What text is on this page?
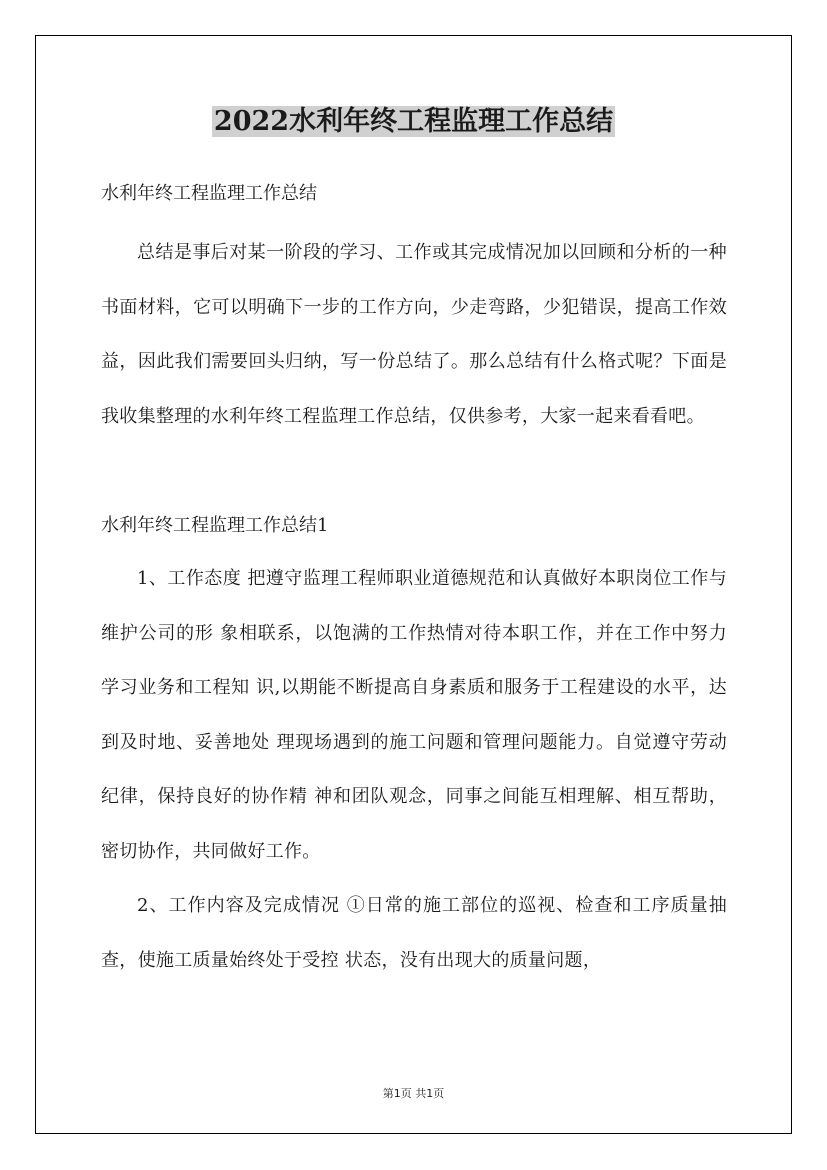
2022水利年终工程监理工作总结
水利年终工程监理工作总结

总结是事后对某一阶段的学习、工作或其完成情况加以回顾和分析的一种书面材料，它可以明确下一步的工作方向，少走弯路，少犯错误，提高工作效益，因此我们需要回头归纳，写一份总结了。那么总结有什么格式呢？下面是我收集整理的水利年终工程监理工作总结，仅供参考，大家一起来看看吧。

水利年终工程监理工作总结1

1、工作态度 把遵守监理工程师职业道德规范和认真做好本职岗位工作与维护公司的形 象相联系，以饱满的工作热情对待本职工作，并在工作中努力学习业务和工程知 识,以期能不断提高自身素质和服务于工程建设的水平，达到及时地、妥善地处 理现场遇到的施工问题和管理问题能力。自觉遵守劳动纪律，保持良好的协作精 神和团队观念，同事之间能互相理解、相互帮助，密切协作，共同做好工作。

2、工作内容及完成情况 ①日常的施工部位的巡视、检查和工序质量抽查，使施工质量始终处于受控 状态，没有出现大的质量问题，

第1页 共1页
